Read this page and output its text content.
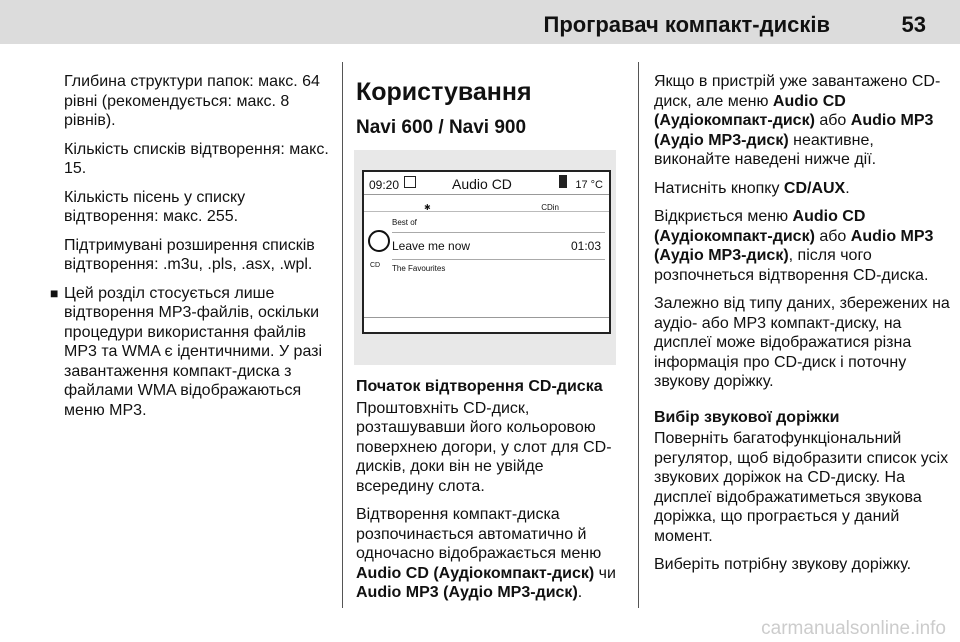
Програвач компакт-дисків	53

Глибина структури папок: макс. 64 рівні (рекомендується: макс. 8 рівнів).

Кількість списків відтворення: макс. 15.

Кількість пісень у списку відтворення: макс. 255.

Підтримувані розширення списків відтворення: .m3u, .pls, .asx, .wpl.

■ Цей розділ стосується лише відтворення MP3-файлів, оскільки процедури використання файлів MP3 та WMA є ідентичними. У разі завантаження компакт-диска з файлами WMA відображаються меню MP3.

Користування
Navi 600 / Navi 900
09:20	Audio CD	17 °C
✱	CDin
CD
Best of
Leave me now	01:03
The Favourites
Початок відтворення CD-диска

Проштовхніть CD-диск, розташувавши його кольоровою поверхнею догори, у слот для CD-дисків, доки він не увійде всередину слота.

Відтворення компакт-диска розпочинається автоматично й одночасно відображається меню Audio CD (Аудіокомпакт-диск) чи Audio MP3 (Аудіо MP3-диск).

Якщо в пристрій уже завантажено CD-диск, але меню Audio CD (Аудіокомпакт-диск) або Audio MP3 (Аудіо MP3-диск) неактивне, виконайте наведені нижче дії.

Натисніть кнопку CD/AUX.

Відкриється меню Audio CD (Аудіокомпакт-диск) або Audio MP3 (Аудіо MP3-диск), після чого розпочнеться відтворення CD-диска.

Залежно від типу даних, збережених на аудіо- або MP3 компакт-диску, на дисплеї може відображатися різна інформація про CD-диск і поточну звукову доріжку.

Вибір звукової доріжки

Поверніть багатофункціональний регулятор, щоб відобразити список усіх звукових доріжок на CD-диску. На дисплеї відображатиметься звукова доріжка, що програється у даний момент.

Виберіть потрібну звукову доріжку.

carmanualsonline.info
